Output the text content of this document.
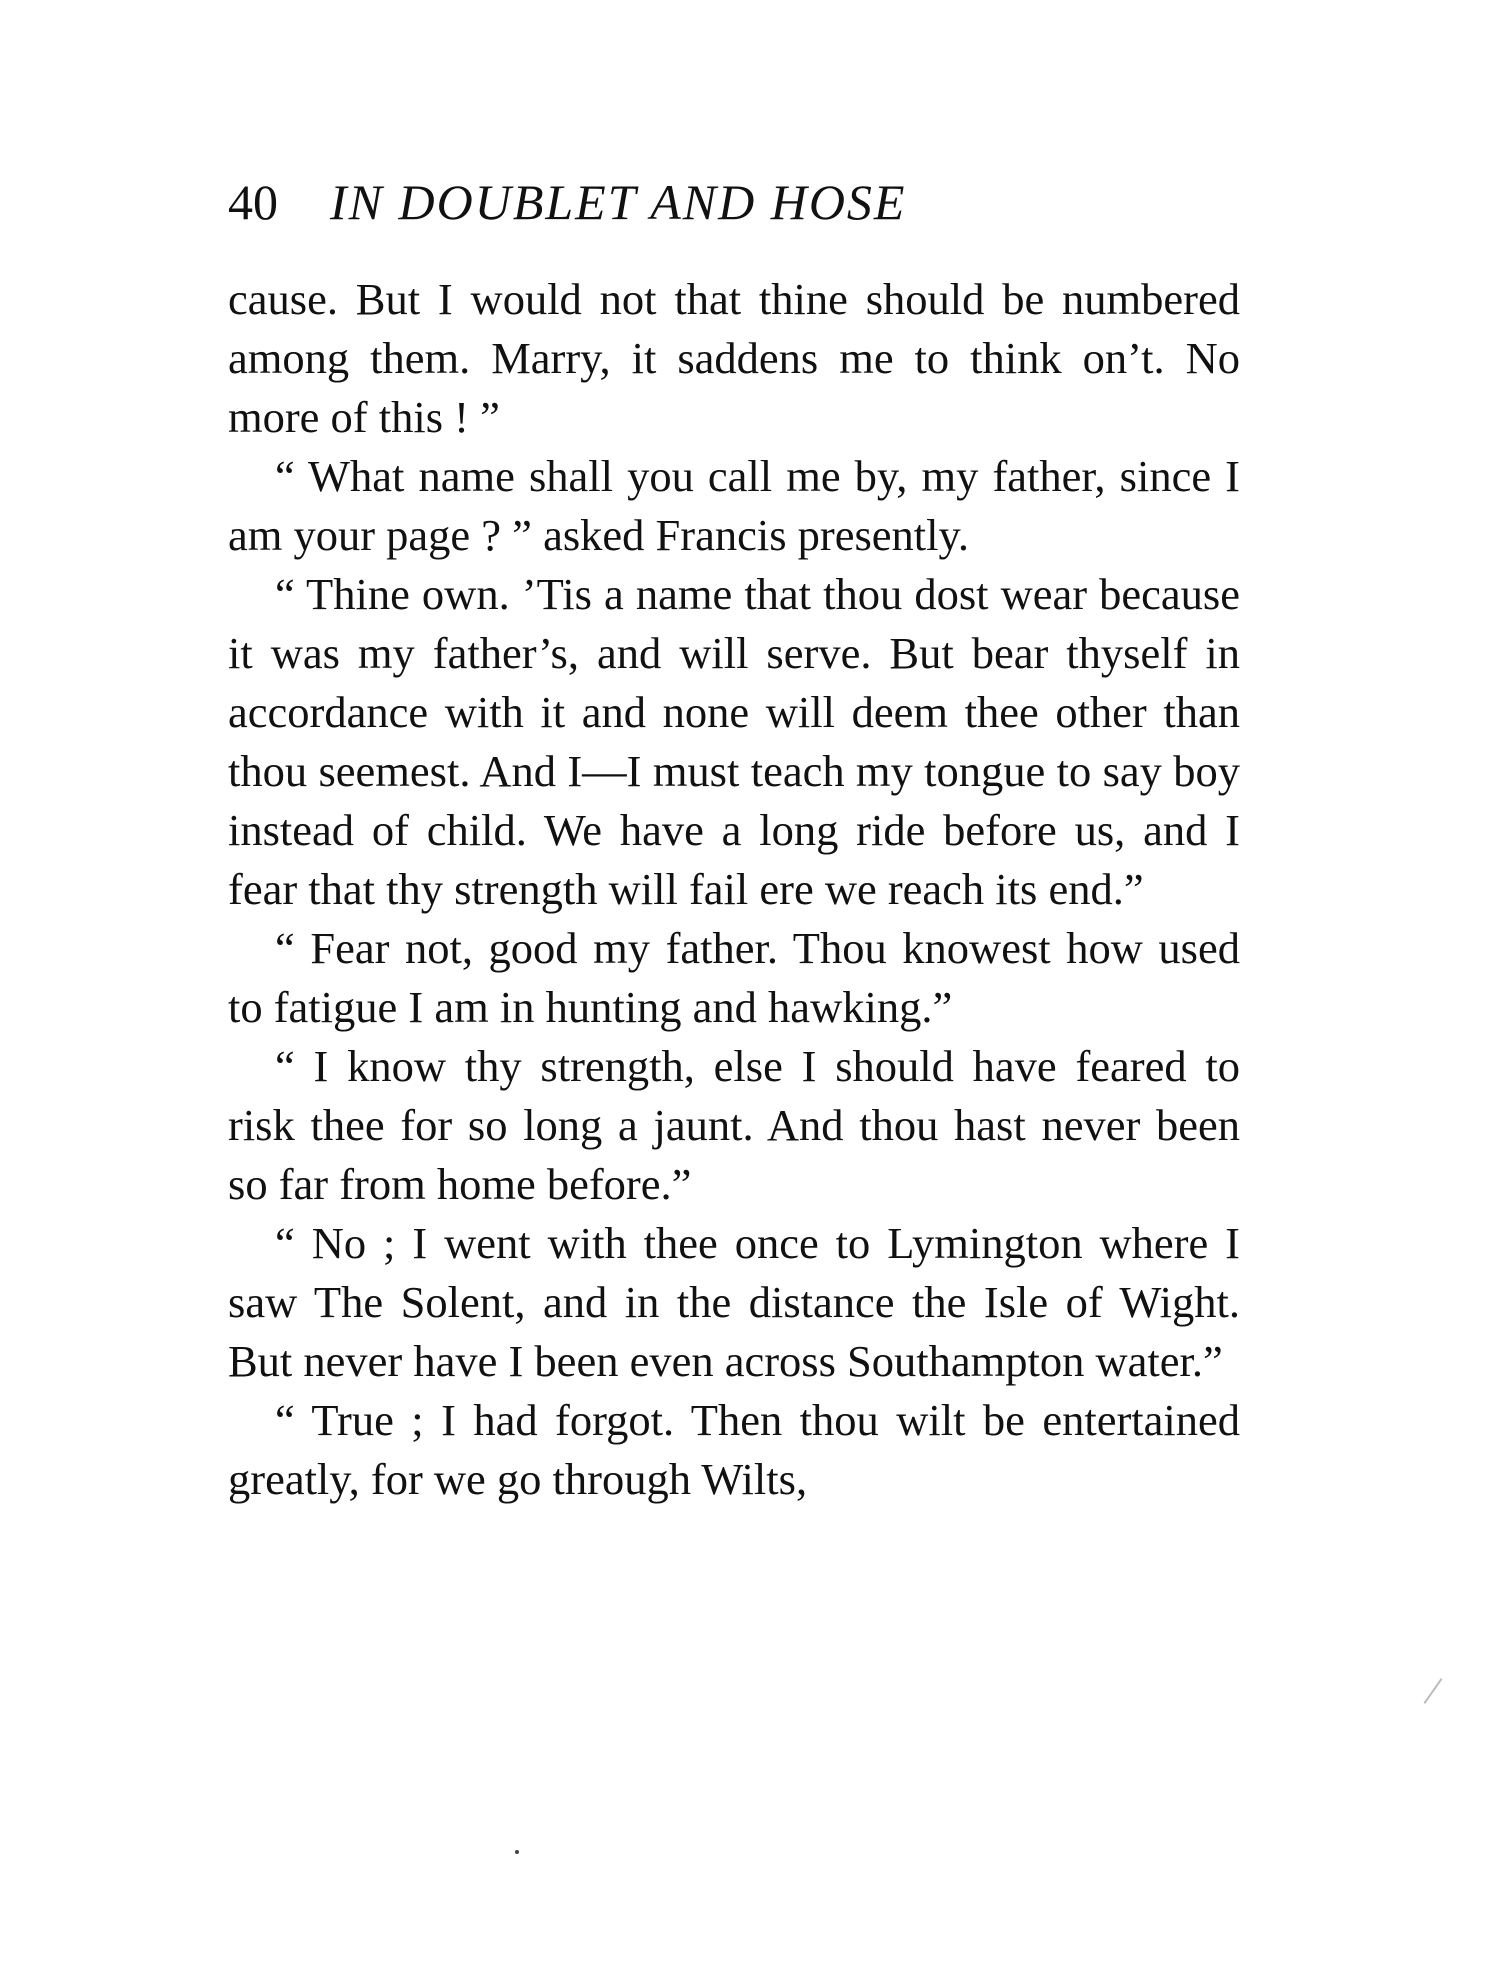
40 IN DOUBLET AND HOSE

cause. But I would not that thine should be numbered among them. Marry, it saddens me to think on’t. No more of this ! ”

“ What name shall you call me by, my father, since I am your page ? ” asked Francis presently.

“ Thine own. ’Tis a name that thou dost wear because it was my father’s, and will serve. But bear thyself in accordance with it and none will deem thee other than thou seemest. And I—I must teach my tongue to say boy instead of child. We have a long ride before us, and I fear that thy strength will fail ere we reach its end.”

“ Fear not, good my father. Thou knowest how used to fatigue I am in hunting and hawking.”

“ I know thy strength, else I should have feared to risk thee for so long a jaunt. And thou hast never been so far from home before.”

“ No ; I went with thee once to Lymington where I saw The Solent, and in the distance the Isle of Wight. But never have I been even across Southampton water.”

“ True ; I had forgot. Then thou wilt be entertained greatly, for we go through Wilts,
